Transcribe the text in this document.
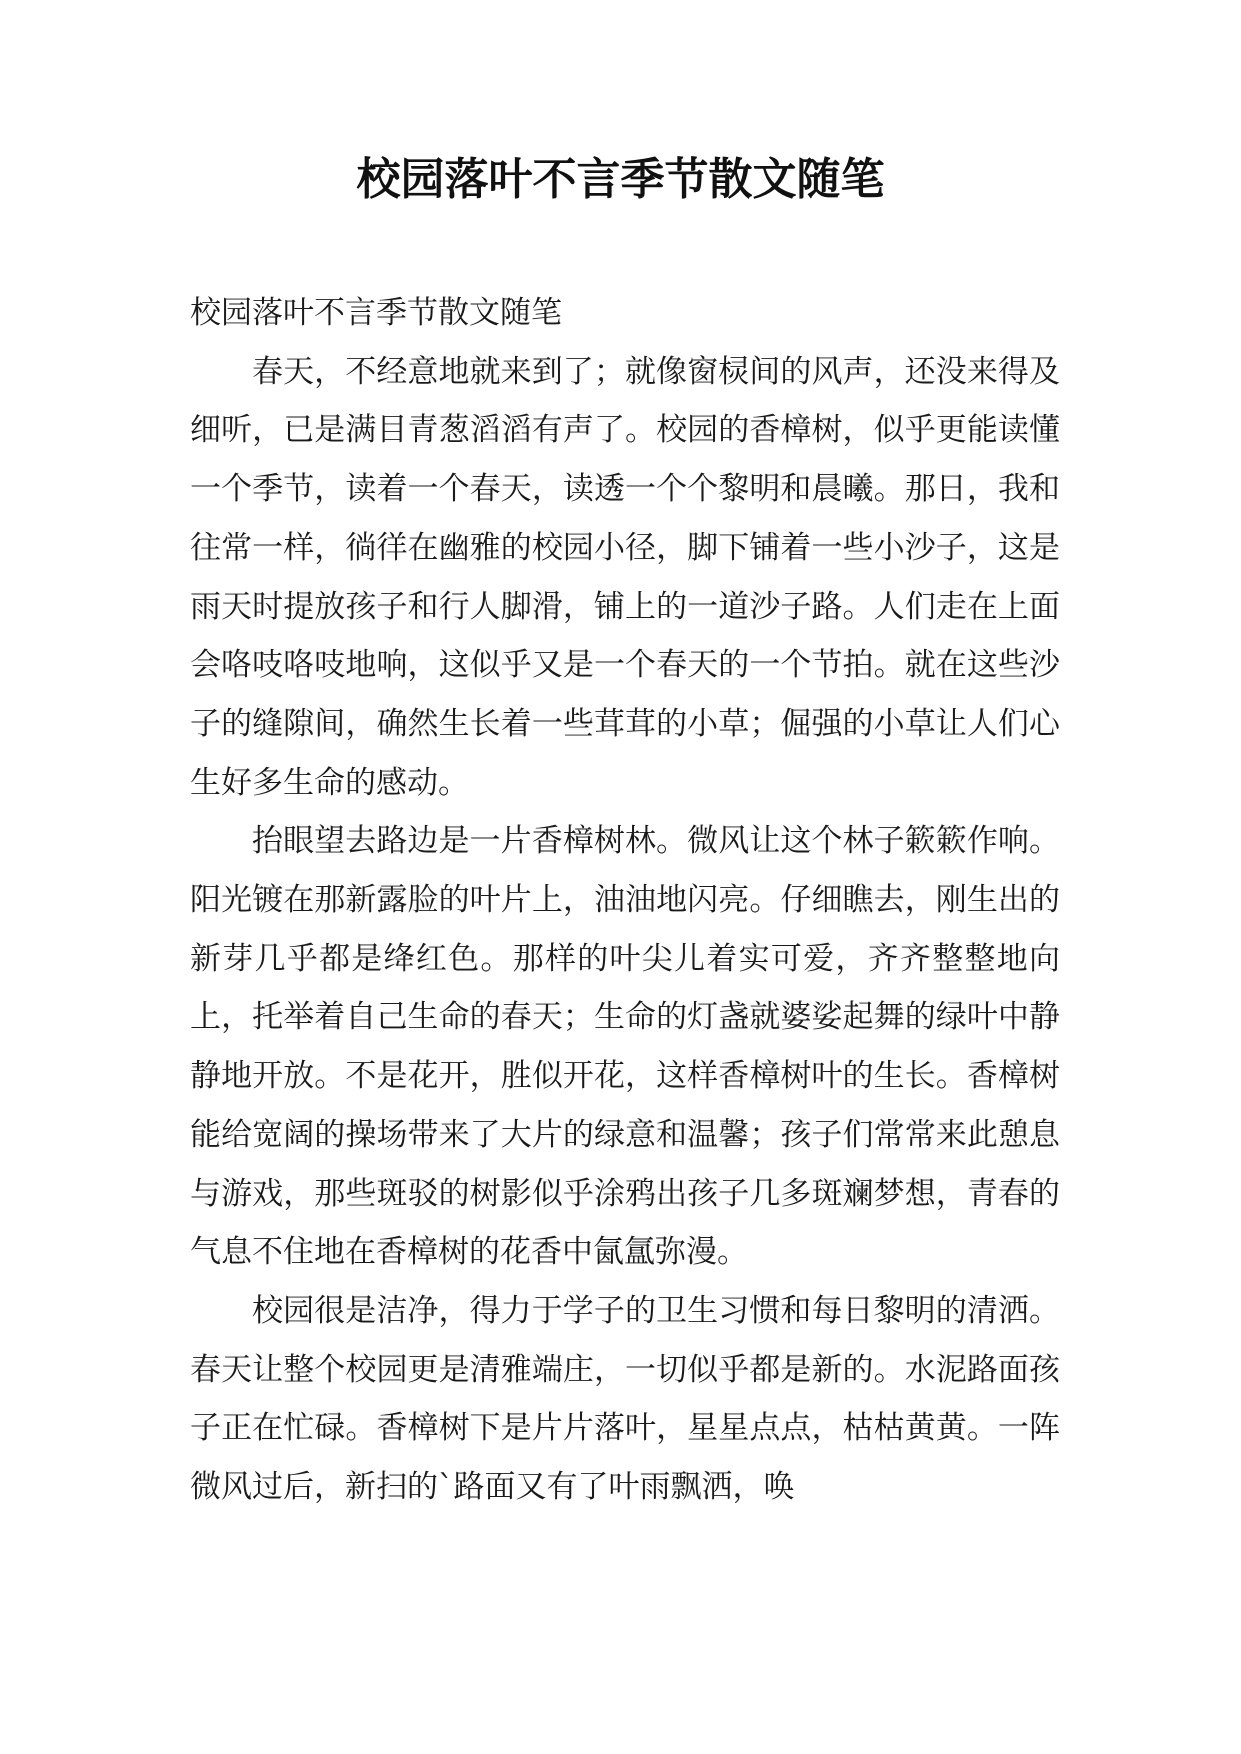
校园落叶不言季节散文随笔

校园落叶不言季节散文随笔

春天，不经意地就来到了；就像窗棂间的风声，还没来得及细听，已是满目青葱滔滔有声了。校园的香樟树，似乎更能读懂一个季节，读着一个春天，读透一个个黎明和晨曦。那日，我和往常一样，徜徉在幽雅的校园小径，脚下铺着一些小沙子，这是雨天时提放孩子和行人脚滑，铺上的一道沙子路。人们走在上面会咯吱咯吱地响，这似乎又是一个春天的一个节拍。就在这些沙子的缝隙间，确然生长着一些茸茸的小草；倔强的小草让人们心生好多生命的感动。

抬眼望去路边是一片香樟树林。微风让这个林子簌簌作响。阳光镀在那新露脸的叶片上，油油地闪亮。仔细瞧去，刚生出的新芽几乎都是绛红色。那样的叶尖儿着实可爱，齐齐整整地向上，托举着自己生命的春天；生命的灯盏就婆娑起舞的绿叶中静静地开放。不是花开，胜似开花，这样香樟树叶的生长。香樟树能给宽阔的操场带来了大片的绿意和温馨；孩子们常常来此憩息与游戏，那些斑驳的树影似乎涂鸦出孩子几多斑斓梦想，青春的气息不住地在香樟树的花香中氤氲弥漫。

校园很是洁净，得力于学子的卫生习惯和每日黎明的清洒。春天让整个校园更是清雅端庄，一切似乎都是新的。水泥路面孩子正在忙碌。香樟树下是片片落叶，星星点点，枯枯黄黄。一阵微风过后，新扫的`路面又有了叶雨飘洒，唤
